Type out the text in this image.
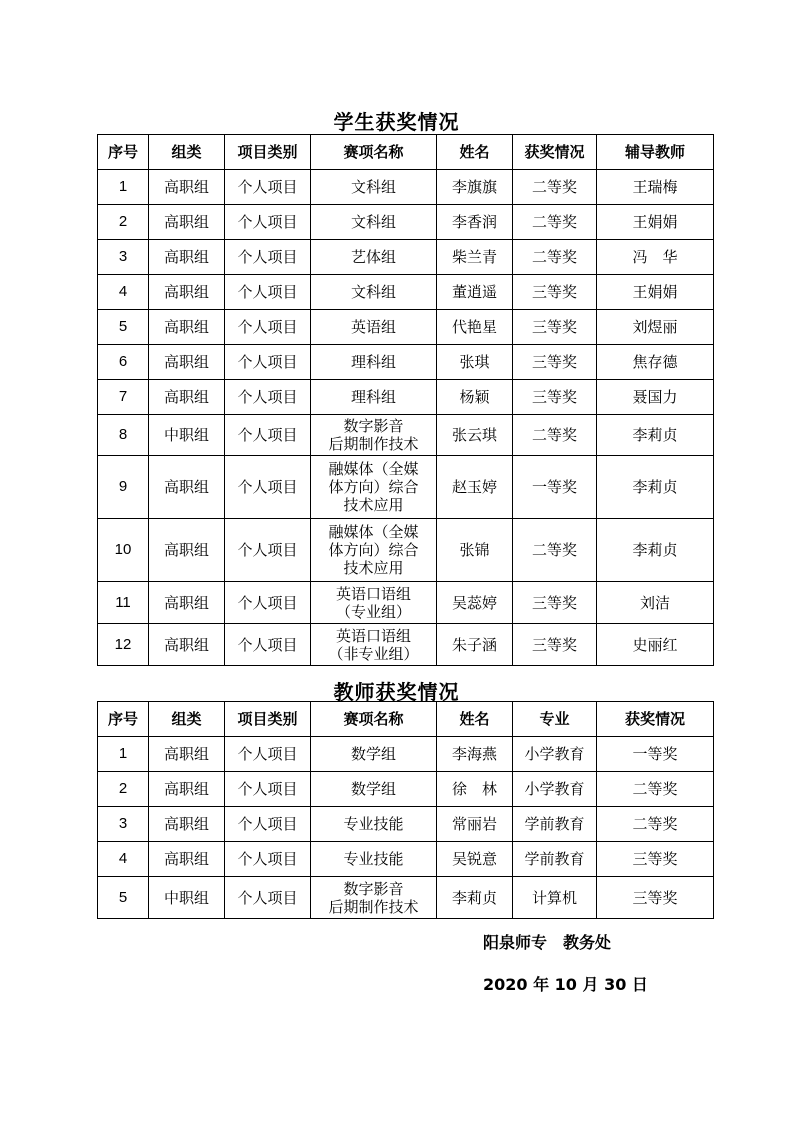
学生获奖情况
序号	组类	项目类别	赛项名称	姓名	获奖情况	辅导教师
1	高职组	个人项目	文科组	李旗旗	二等奖	王瑞梅
2	高职组	个人项目	文科组	李香润	二等奖	王娟娟
3	高职组	个人项目	艺体组	柴兰青	二等奖	冯　华
4	高职组	个人项目	文科组	董逍遥	三等奖	王娟娟
5	高职组	个人项目	英语组	代艳星	三等奖	刘煜丽
6	高职组	个人项目	理科组	张琪	三等奖	焦存德
7	高职组	个人项目	理科组	杨颖	三等奖	聂国力
8	中职组	个人项目	数字影音
后期制作技术	张云琪	二等奖	李莉贞
9	高职组	个人项目	融媒体（全媒
体方向）综合
技术应用	赵玉婷	一等奖	李莉贞
10	高职组	个人项目	融媒体（全媒
体方向）综合
技术应用	张锦	二等奖	李莉贞
11	高职组	个人项目	英语口语组
（专业组）	吴蕊婷	三等奖	刘洁
12	高职组	个人项目	英语口语组
（非专业组）	朱子涵	三等奖	史丽红
教师获奖情况
序号	组类	项目类别	赛项名称	姓名	专业	获奖情况
1	高职组	个人项目	数学组	李海燕	小学教育	一等奖
2	高职组	个人项目	数学组	徐　林	小学教育	二等奖
3	高职组	个人项目	专业技能	常丽岩	学前教育	二等奖
4	高职组	个人项目	专业技能	吴锐意	学前教育	三等奖
5	中职组	个人项目	数字影音
后期制作技术	李莉贞	计算机	三等奖
阳泉师专　教务处
2020 年 10 月 30 日
